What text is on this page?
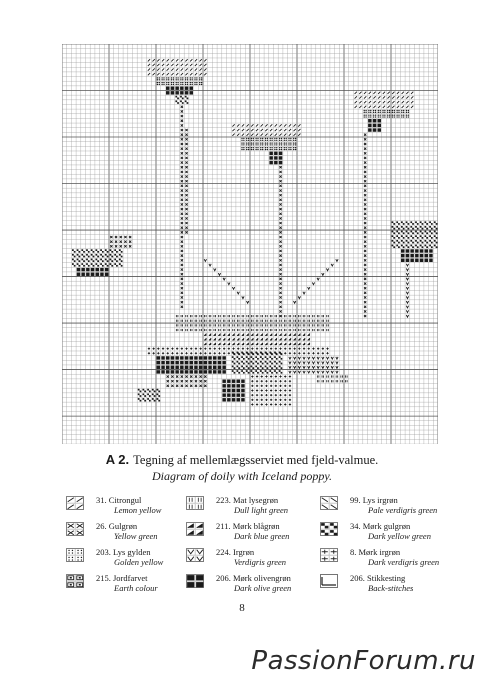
A 2. Tegning af mellemlægsserviet med fjeld-valmue.
Diagram of doily with Iceland poppy.
31. Citrongul
Lemon yellow
26. Gulgrøn
Yellow green
203. Lys gylden
Golden yellow
215. Jordfarvet
Earth colour
223. Mat lysegrøn
Dull light green
211. Mørk blågrøn
Dark blue green
224. Irgrøn
Verdigris green
206. Mørk olivengrøn
Dark olive green
99. Lys irgrøn
Pale verdigris green
34. Mørk gulgrøn
Dark yellow green
8. Mørk irgrøn
Dark verdigris green
206. Stikkesting
Back-stitches
8
PassionForum.ru
